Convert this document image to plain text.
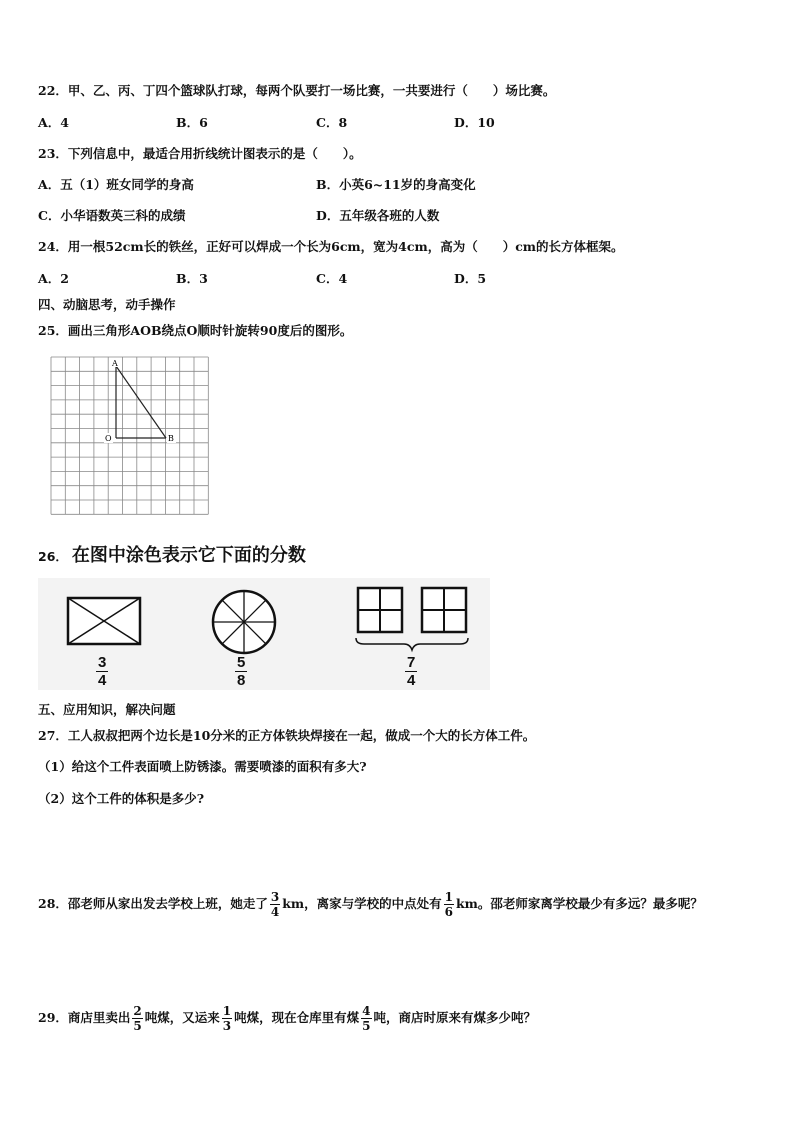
22．甲、乙、丙、丁四个篮球队打球，每两个队要打一场比赛，一共要进行（　　）场比赛。
A．4	B．6	C．8	D．10
23．下列信息中，最适合用折线统计图表示的是（　　）。
A．五（1）班女同学的身高	B．小英6~11岁的身高变化
C．小华语数英三科的成绩	D．五年级各班的人数
24．用一根52cm长的铁丝，正好可以焊成一个长为6cm，宽为4cm，高为（　　）cm的长方体框架。
A．2	B．3	C．4	D．5
四、动脑思考，动手操作
25．画出三角形AOB绕点O顺时针旋转90度后的图形。
A
O	B
26． 在图中涂色表示它下面的分数
$\frac{3}{4}$	$\frac{5}{8}$	$\frac{7}{4}$
五、应用知识，解决问题
27．工人叔叔把两个边长是10分米的正方体铁块焊接在一起，做成一个大的长方体工件。
（1）给这个工件表面喷上防锈漆。需要喷漆的面积有多大?
（2）这个工件的体积是多少?
28．邵老师从家出发去学校上班，她走了 $\frac{3}{4}$ km，离家与学校的中点处有 $\frac{1}{6}$ km。邵老师家离学校最少有多远？最多呢？
29．商店里卖出 $\frac{2}{5}$ 吨煤，又运来 $\frac{1}{3}$ 吨煤，现在仓库里有煤 $\frac{4}{5}$ 吨，商店时原来有煤多少吨？
